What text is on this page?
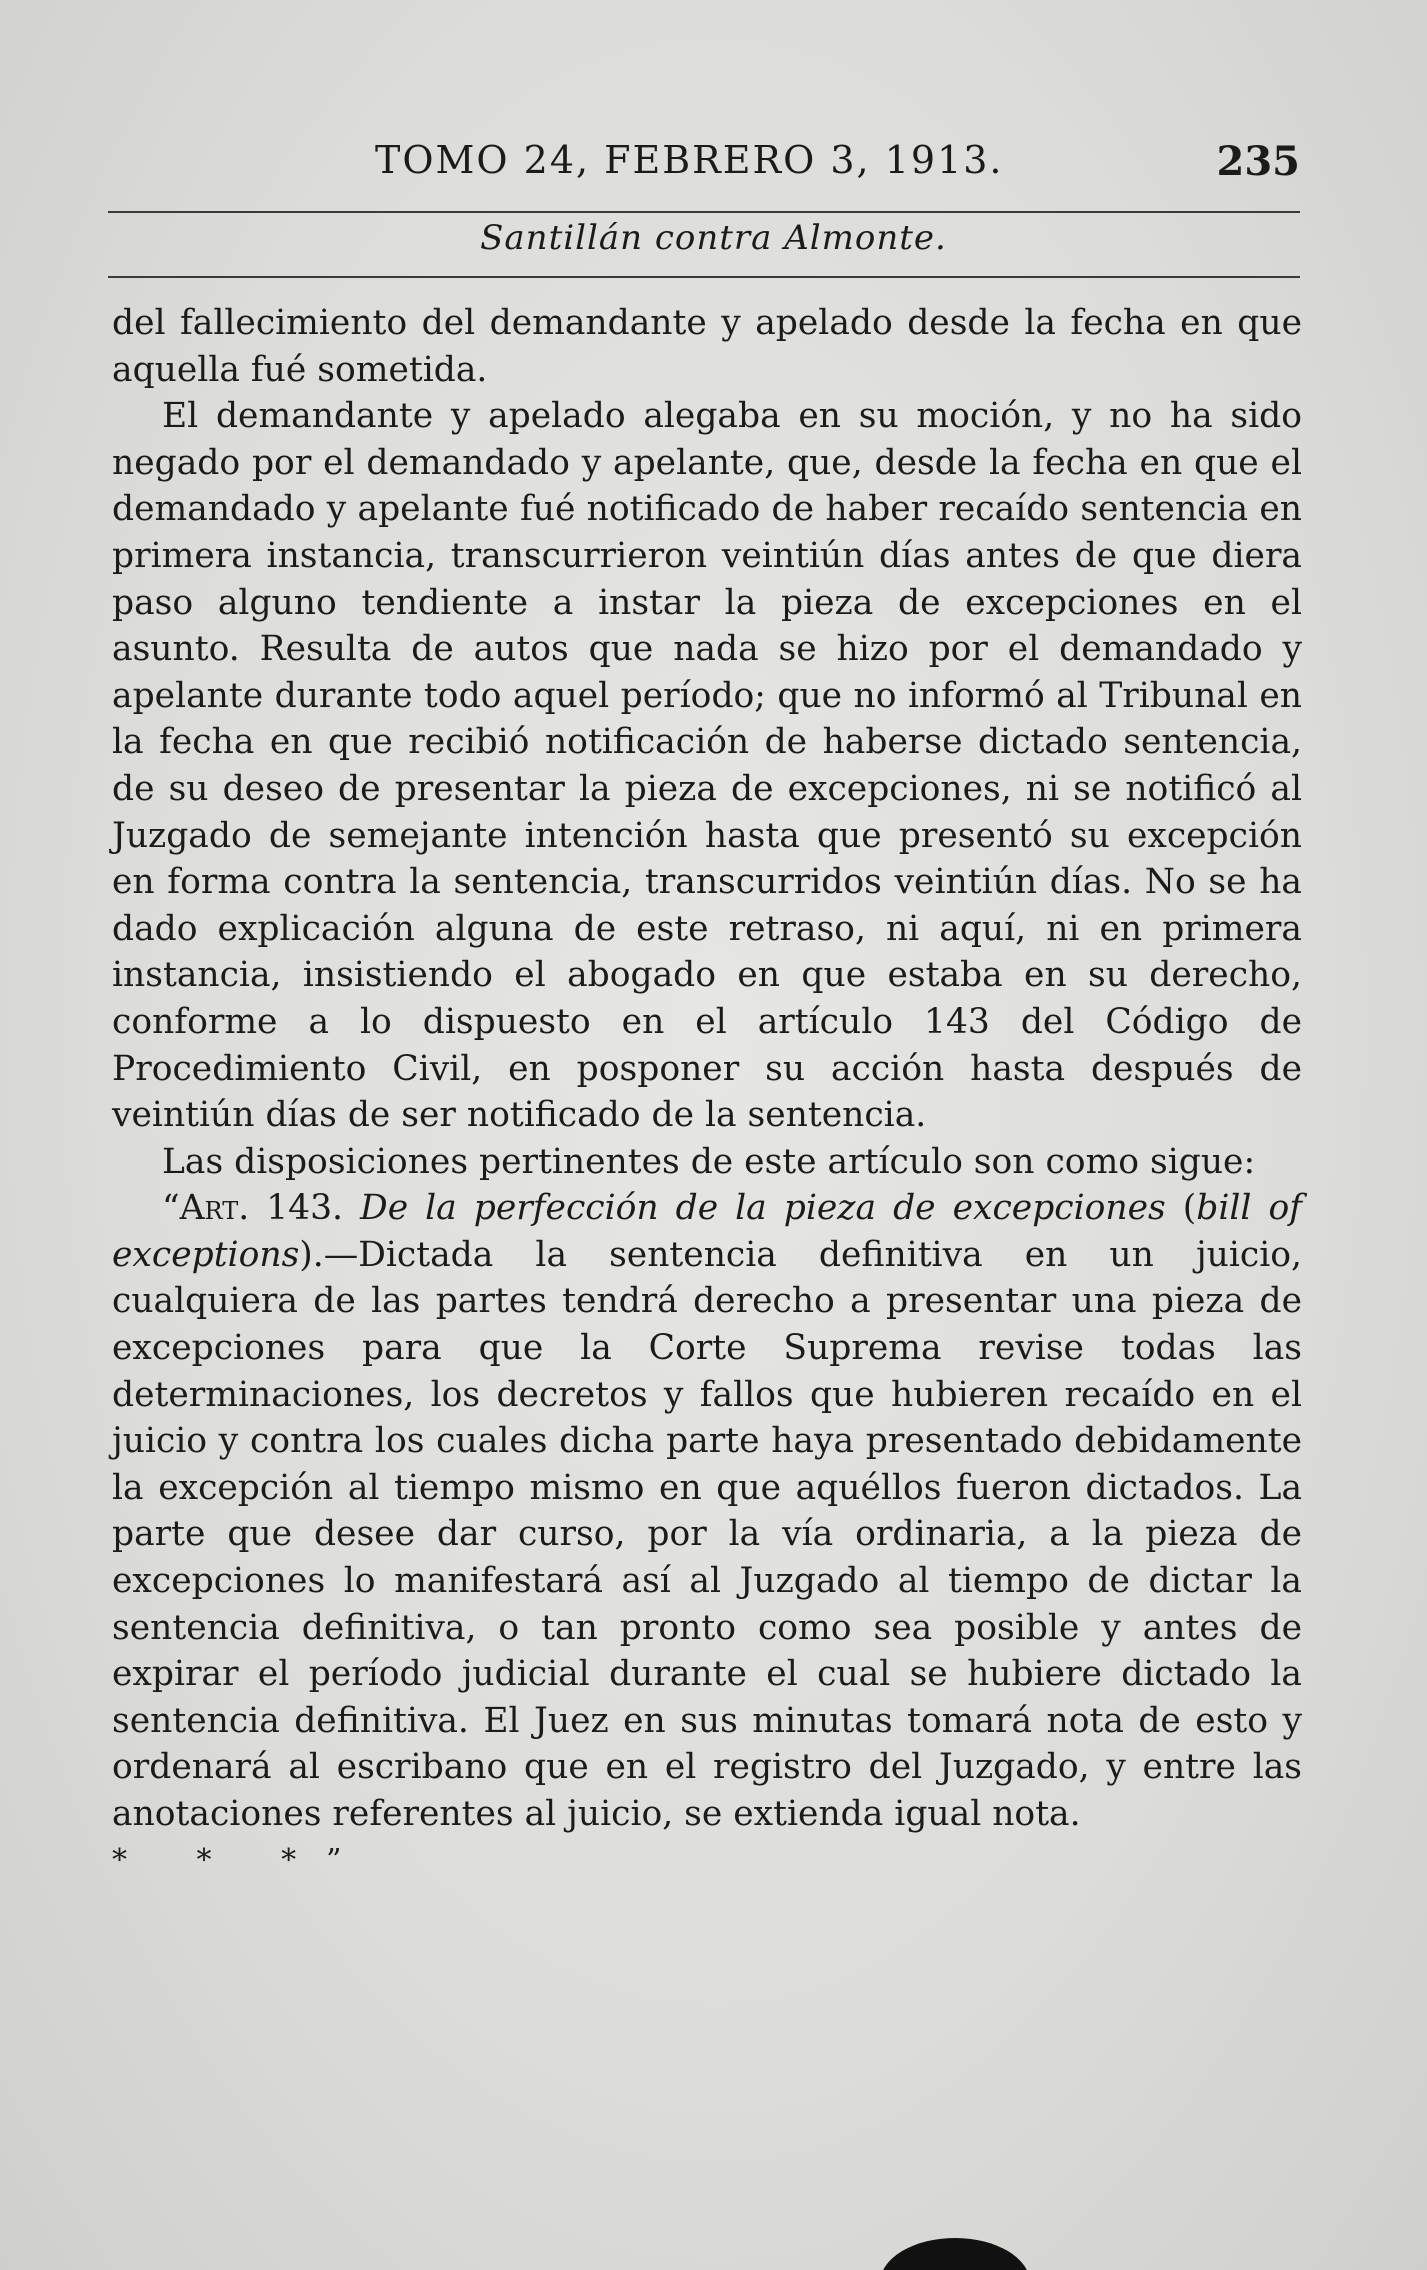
TOMO 24, FEBRERO 3, 1913.	235
Santillán contra Almonte.

del fallecimiento del demandante y apelado desde la fecha en que aquella fué sometida.

El demandante y apelado alegaba en su moción, y no ha sido negado por el demandado y apelante, que, desde la fecha en que el demandado y apelante fué notificado de haber recaído sentencia en primera instancia, transcurrieron veintiún días antes de que diera paso alguno tendiente a instar la pieza de excepciones en el asunto. Resulta de autos que nada se hizo por el demandado y apelante durante todo aquel período; que no informó al Tribunal en la fecha en que recibió notificación de haberse dictado sentencia, de su deseo de presentar la pieza de excepciones, ni se notificó al Juzgado de semejante intención hasta que presentó su excepción en forma contra la sentencia, transcurridos veintiún días. No se ha dado explicación alguna de este retraso, ni aquí, ni en primera instancia, insistiendo el abogado en que estaba en su derecho, conforme a lo dispuesto en el artículo 143 del Código de Procedimiento Civil, en posponer su acción hasta después de veintiún días de ser notificado de la sentencia.

Las disposiciones pertinentes de este artículo son como sigue:

“Art. 143. De la perfección de la pieza de excepciones (bill of exceptions).—Dictada la sentencia definitiva en un juicio, cualquiera de las partes tendrá derecho a presentar una pieza de excepciones para que la Corte Suprema revise todas las determinaciones, los decretos y fallos que hubieren recaído en el juicio y contra los cuales dicha parte haya presentado debidamente la excepción al tiempo mismo en que aquéllos fueron dictados. La parte que desee dar curso, por la vía ordinaria, a la pieza de excepciones lo manifestará así al Juzgado al tiempo de dictar la sentencia definitiva, o tan pronto como sea posible y antes de expirar el período judicial durante el cual se hubiere dictado la sentencia definitiva. El Juez en sus minutas tomará nota de esto y ordenará al escribano que en el registro del Juzgado, y entre las anotaciones referentes al juicio, se extienda igual nota.

* * *”
